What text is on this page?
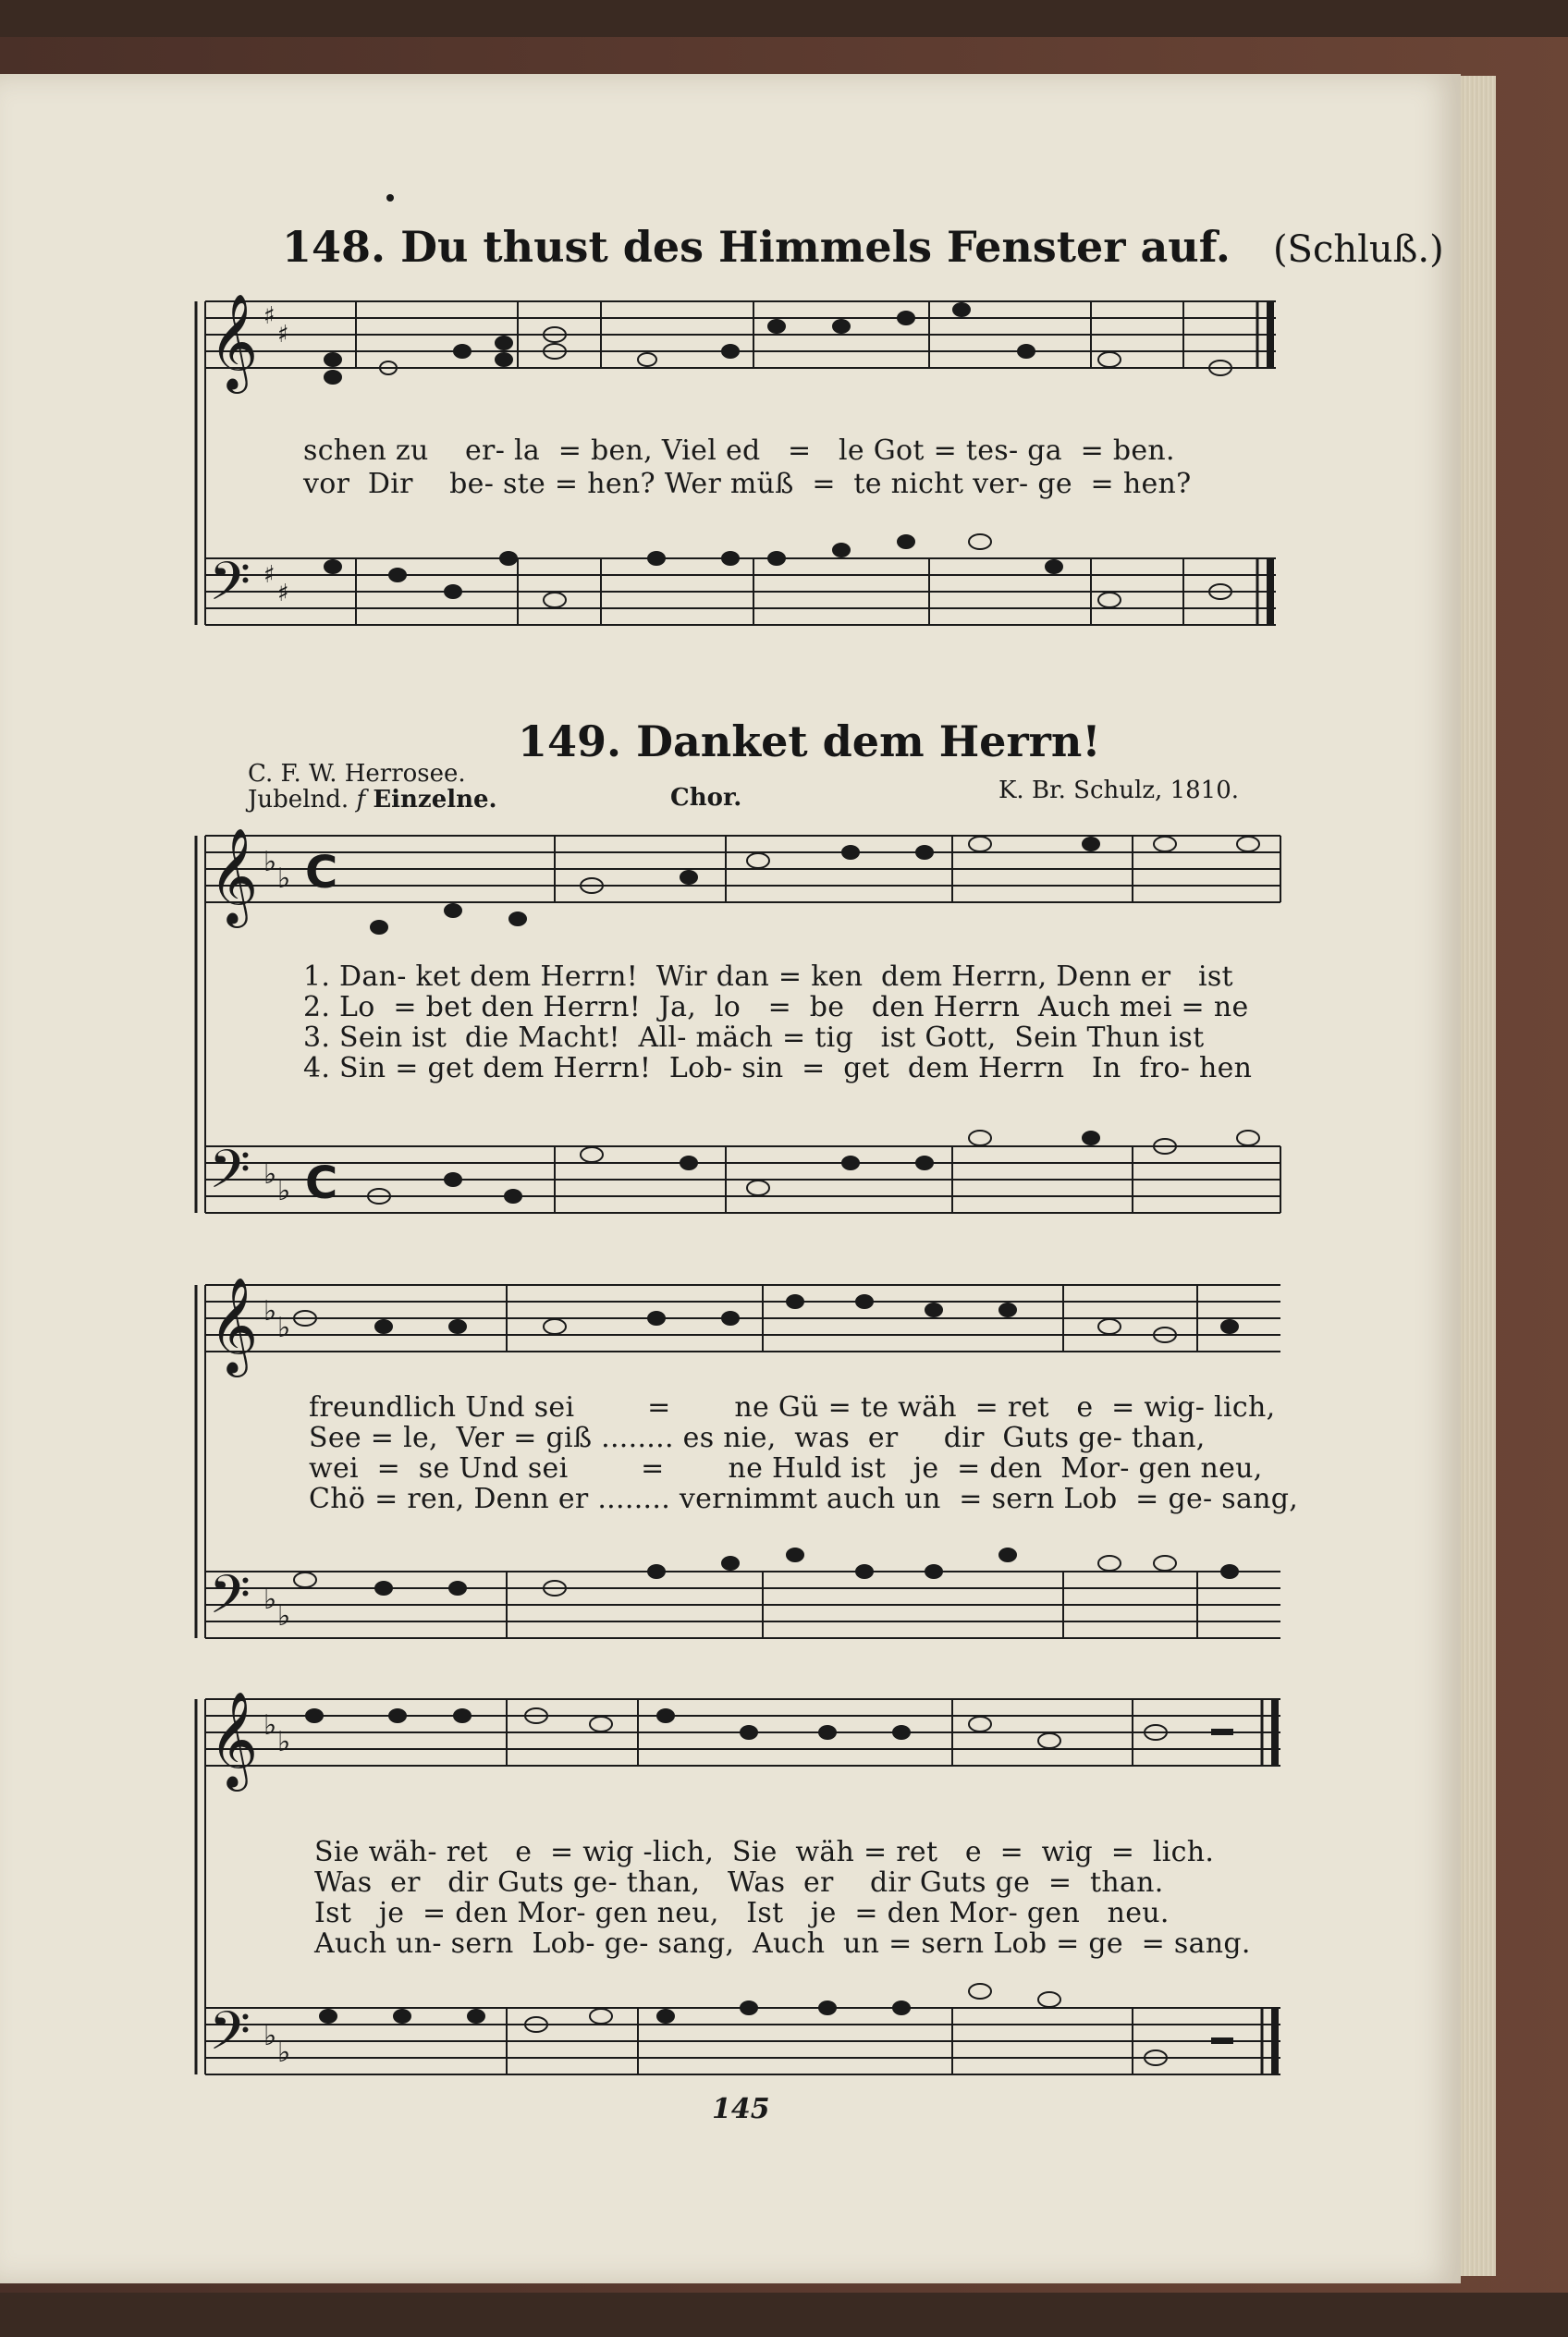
148. Du thust des Himmels Fenster auf. (Schluß.)
𝄞
𝄢
♯
♯
♯
♯
𝄞
𝄢
♭
♭
♭
♭
C
C
𝄞
𝄢
♭
♭
♭
♭
𝄞
𝄢
♭
♭
♭
♭
schen zu    er- la  = ben, Viel ed   =   le Got = tes- ga  = ben.
vor  Dir    be- ste = hen? Wer müß  =  te nicht ver- ge  = hen?
149. Danket dem Herrn!
C. F. W. Herrosee.
Jubelnd. f Einzelne.	Chor.	K. Br. Schulz, 1810.
1. Dan- ket dem Herrn!  Wir dan = ken  dem Herrn, Denn er   ist
2. Lo  = bet den Herrn!  Ja,  lo   =  be   den Herrn  Auch mei = ne
3. Sein ist  die Macht!  All- mäch = tig   ist Gott,  Sein Thun ist
4. Sin = get dem Herrn!  Lob- sin  =  get  dem Herrn   In  fro- hen
freundlich Und sei        =       ne Gü = te wäh  = ret   e  = wig- lich,
See = le,  Ver = giß ........ es nie,  was  er     dir  Guts ge- than,
wei  =  se Und sei        =       ne Huld ist   je  = den  Mor- gen neu,
Chö = ren, Denn er ........ vernimmt auch un  = sern Lob  = ge- sang,
Sie wäh- ret   e  = wig -lich,  Sie  wäh = ret   e  =  wig  =  lich.
Was  er   dir Guts ge- than,   Was  er    dir Guts ge  =  than.
Ist   je  = den Mor- gen neu,   Ist   je  = den Mor- gen   neu.
Auch un- sern  Lob- ge- sang,  Auch  un = sern Lob = ge  = sang.
145
